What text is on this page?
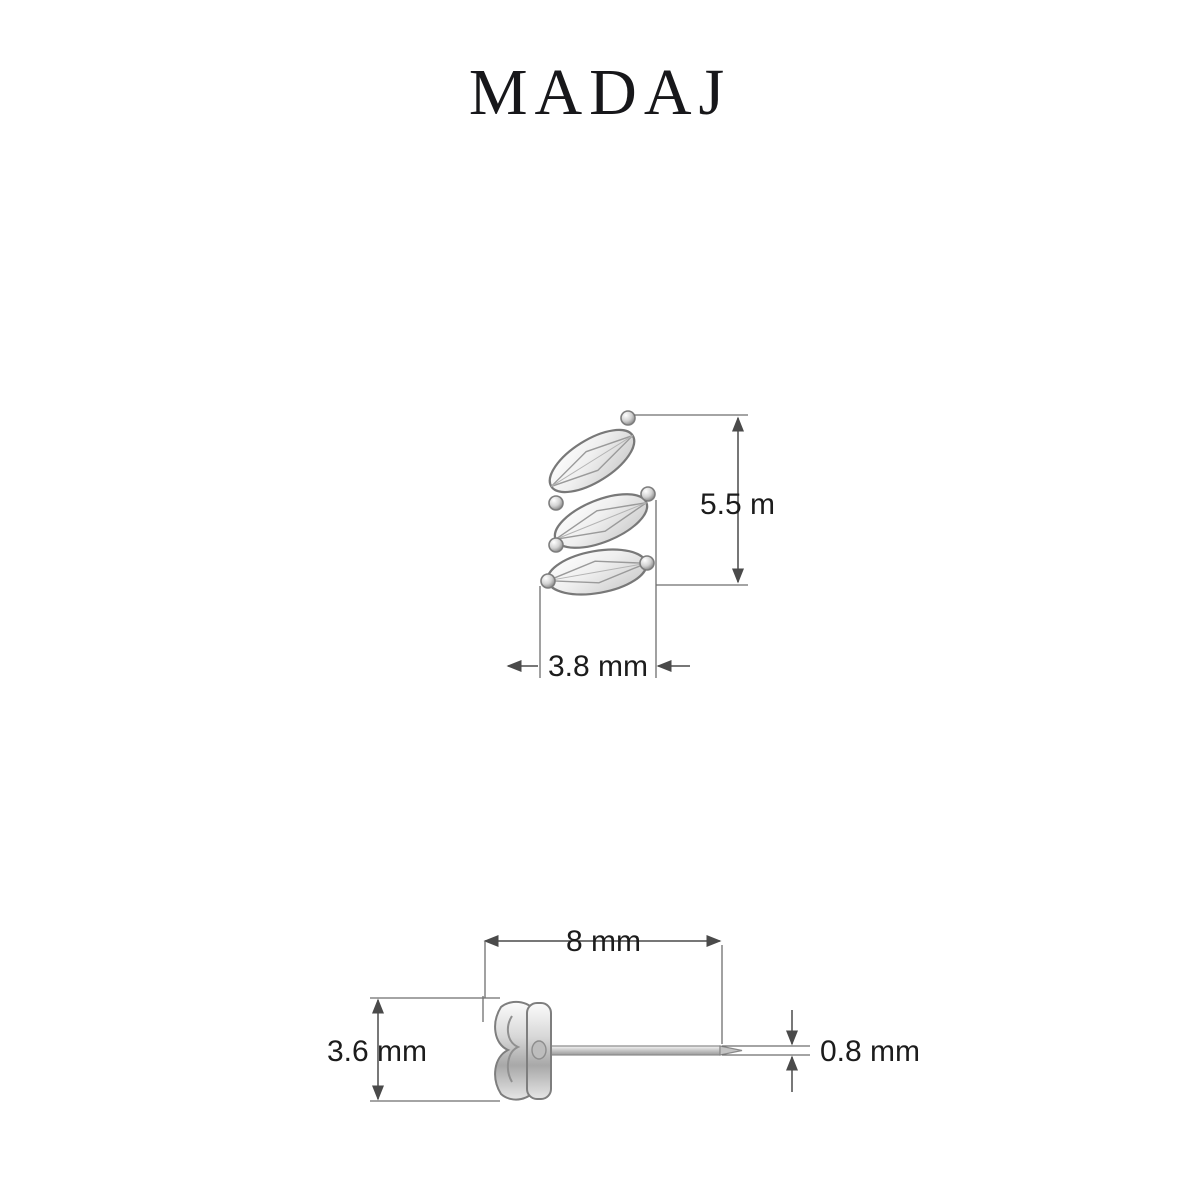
MADAJ
5.5 m
3.8 mm
8 mm
3.6 mm	0.8 mm
